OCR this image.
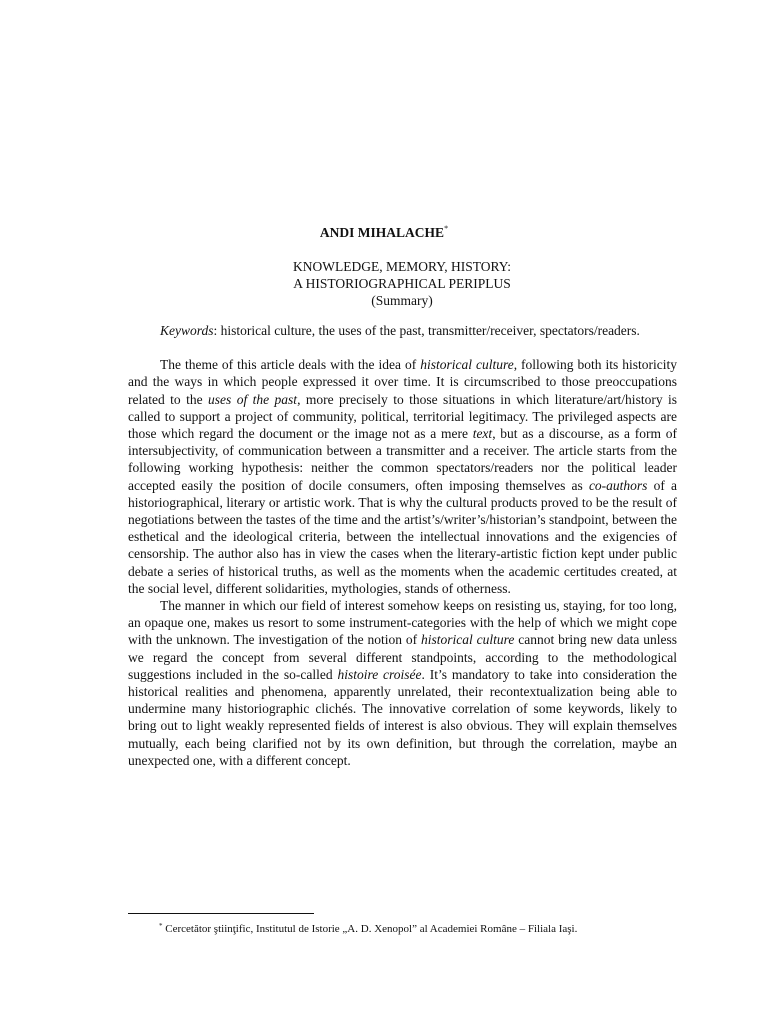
ANDI MIHALACHE*
KNOWLEDGE, MEMORY, HISTORY:
A HISTORIOGRAPHICAL PERIPLUS
(Summary)

Keywords: historical culture, the uses of the past, transmitter/receiver, spectators/readers.

The theme of this article deals with the idea of historical culture, following both its historicity and the ways in which people expressed it over time. It is circumscribed to those preoccupations related to the uses of the past, more precisely to those situations in which literature/art/history is called to support a project of community, political, territorial legitimacy. The privileged aspects are those which regard the document or the image not as a mere text, but as a discourse, as a form of intersubjectivity, of communication between a transmitter and a receiver. The article starts from the following working hypothesis: neither the common spectators/readers nor the political leader accepted easily the position of docile consumers, often imposing themselves as co-authors of a historiographical, literary or artistic work. That is why the cultural products proved to be the result of negotiations between the tastes of the time and the artist’s/writer’s/historian’s standpoint, between the esthetical and the ideological criteria, between the intellectual innovations and the exigencies of censorship. The author also has in view the cases when the literary-artistic fiction kept under public debate a series of historical truths, as well as the moments when the academic certitudes created, at the social level, different solidarities, mythologies, stands of otherness.

The manner in which our field of interest somehow keeps on resisting us, staying, for too long, an opaque one, makes us resort to some instrument-categories with the help of which we might cope with the unknown. The investigation of the notion of historical culture cannot bring new data unless we regard the concept from several different standpoints, according to the methodological suggestions included in the so-called histoire croisée. It’s mandatory to take into consideration the historical realities and phenomena, apparently unrelated, their recontextualization being able to undermine many historiographic clichés. The innovative correlation of some keywords, likely to bring out to light weakly represented fields of interest is also obvious. They will explain themselves mutually, each being clarified not by its own definition, but through the correlation, maybe an unexpected one, with a different concept.

* Cercetător ştiinţific, Institutul de Istorie „A. D. Xenopol” al Academiei Române – Filiala Iaşi.
